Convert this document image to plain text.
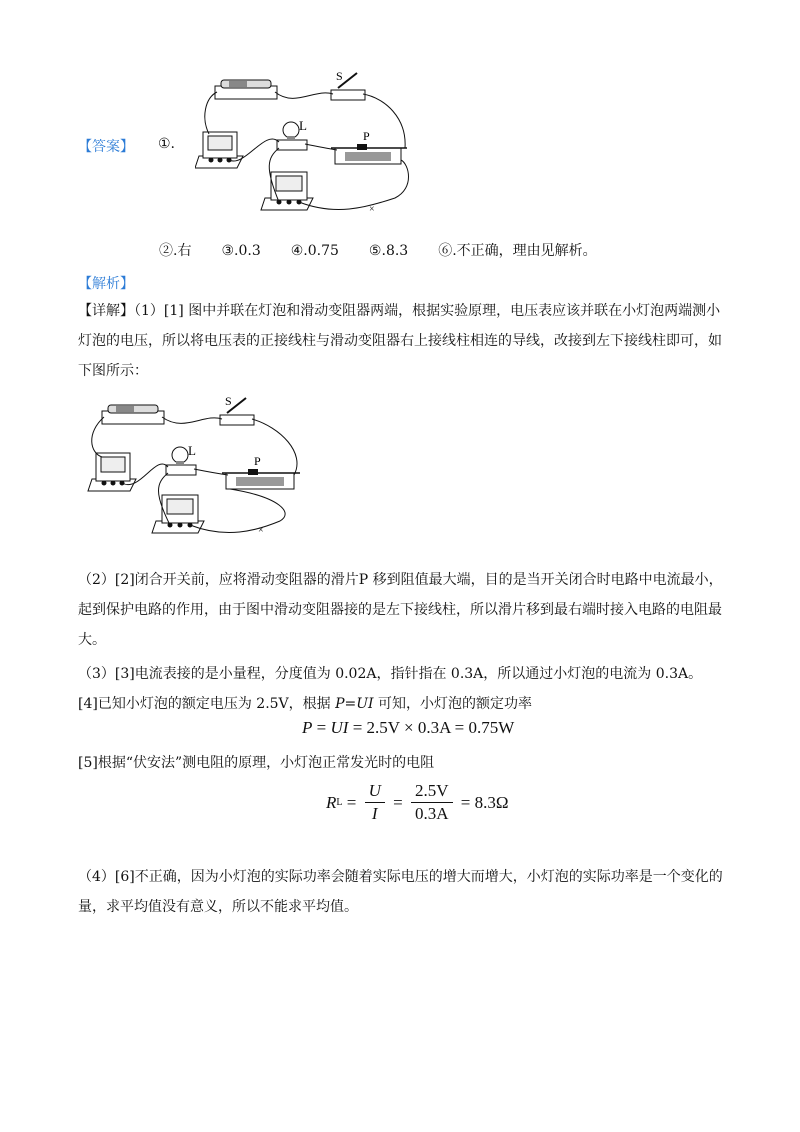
【答案】 ①.
S
L
P
×
②.右 ③.0.3 ④.0.75 ⑤.8.3 ⑥.不正确，理由见解析。
【解析】
【详解】（1）[1] 图中并联在灯泡和滑动变阻器两端，根据实验原理，电压表应该并联在小灯泡两端测小
灯泡的电压，所以将电压表的正接线柱与滑动变阻器右上接线柱相连的导线，改接到左下接线柱即可，如
下图所示：
S
L
P
×
（2）[2]闭合开关前，应将滑动变阻器的滑片P 移到阻值最大端，目的是当开关闭合时电路中电流最小，
起到保护电路的作用，由于图中滑动变阻器接的是左下接线柱，所以滑片移到最右端时接入电路的电阻最
大。
（3）[3]电流表接的是小量程，分度值为 0.02A，指针指在 0.3A，所以通过小灯泡的电流为 0.3A。
[4]已知小灯泡的额定电压为 2.5V，根据 P=UI 可知，小灯泡的额定功率
P = UI = 2.5V × 0.3A = 0.75W
[5]根据“伏安法”测电阻的原理，小灯泡正常发光时的电阻
R $L = \frac{U}{I} = \frac{2.5V}{0.3A} = 8.3\Omega$
（4）[6]不正确，因为小灯泡的实际功率会随着实际电压的增大而增大，小灯泡的实际功率是一个变化的
量，求平均值没有意义，所以不能求平均值。
